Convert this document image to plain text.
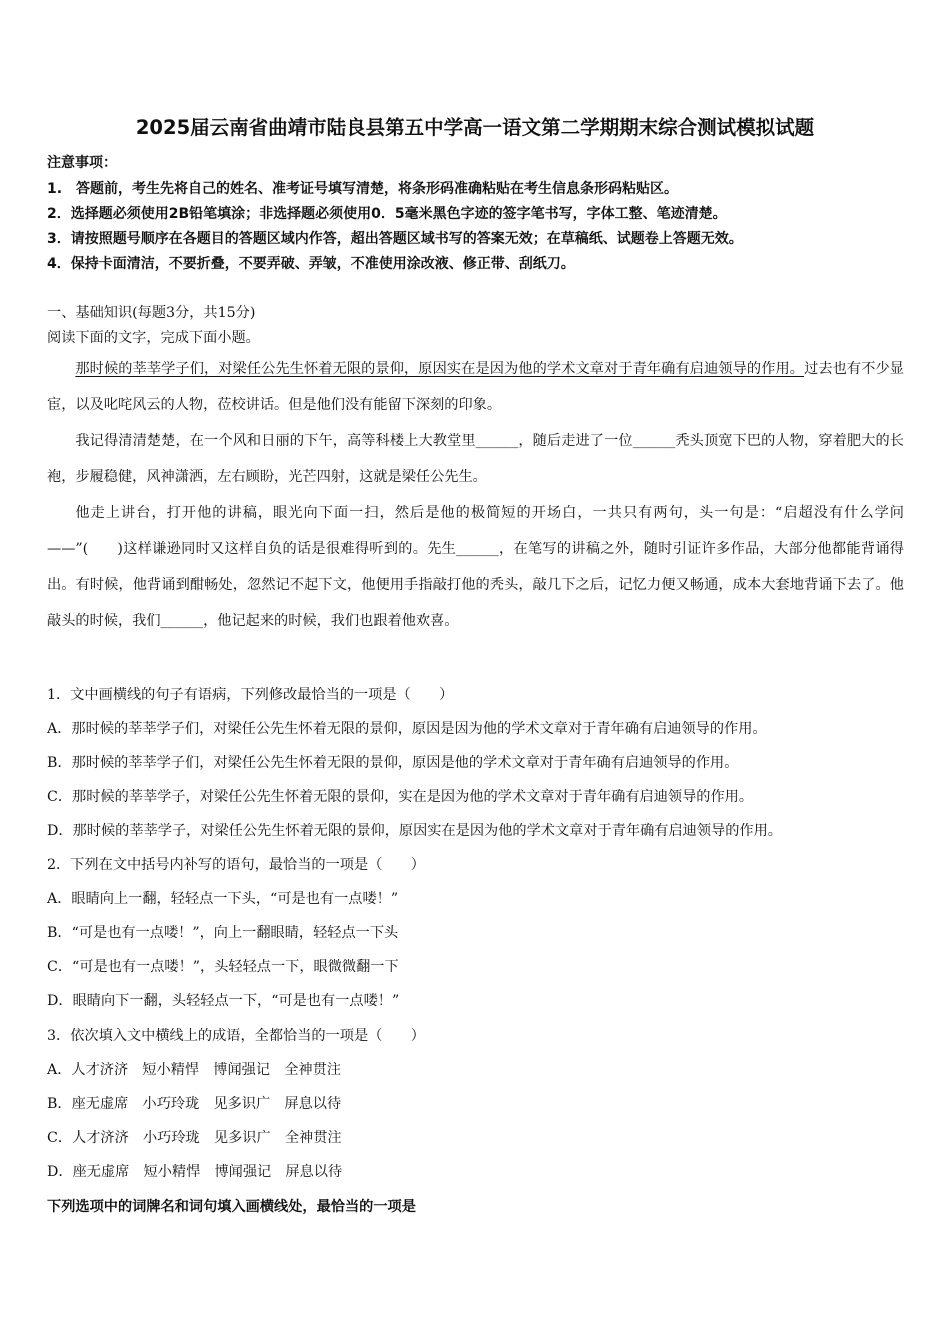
2025届云南省曲靖市陆良县第五中学高一语文第二学期期末综合测试模拟试题
注意事项：
1.　答题前，考生先将自己的姓名、准考证号填写清楚，将条形码准确粘贴在考生信息条形码粘贴区。
2．选择题必须使用2B铅笔填涂；非选择题必须使用0．5毫米黑色字迹的签字笔书写，字体工整、笔迹清楚。
3．请按照题号顺序在各题目的答题区域内作答，超出答题区域书写的答案无效；在草稿纸、试题卷上答题无效。
4．保持卡面清洁，不要折叠，不要弄破、弄皱，不准使用涂改液、修正带、刮纸刀。
一、基础知识(每题3分，共15分)
阅读下面的文字，完成下面小题。

那时候的莘莘学子们，对梁任公先生怀着无限的景仰，原因实在是因为他的学术文章对于青年确有启迪领导的作用。过去也有不少显宦，以及叱咤风云的人物，莅校讲话。但是他们没有能留下深刻的印象。

我记得清清楚楚，在一个风和日丽的下午，高等科楼上大教堂里______，随后走进了一位______秃头顶宽下巴的人物，穿着肥大的长袍，步履稳健，风神潇洒，左右顾盼，光芒四射，这就是梁任公先生。

他走上讲台，打开他的讲稿，眼光向下面一扫，然后是他的极简短的开场白，一共只有两句，头一句是：“启超没有什么学问——”(　　)这样谦逊同时又这样自负的话是很难得听到的。先生______，在笔写的讲稿之外，随时引证许多作品，大部分他都能背诵得出。有时候，他背诵到酣畅处，忽然记不起下文，他便用手指敲打他的秃头，敲几下之后，记忆力便又畅通，成本大套地背诵下去了。他敲头的时候，我们______，他记起来的时候，我们也跟着他欢喜。

1．文中画横线的句子有语病，下列修改最恰当的一项是（　　）
A．那时候的莘莘学子们，对梁任公先生怀着无限的景仰，原因是因为他的学术文章对于青年确有启迪领导的作用。
B．那时候的莘莘学子们，对梁任公先生怀着无限的景仰，原因是他的学术文章对于青年确有启迪领导的作用。
C．那时候的莘莘学子，对梁任公先生怀着无限的景仰，实在是因为他的学术文章对于青年确有启迪领导的作用。
D．那时候的莘莘学子，对梁任公先生怀着无限的景仰，原因实在是因为他的学术文章对于青年确有启迪领导的作用。
2．下列在文中括号内补写的语句，最恰当的一项是（　　）
A．眼睛向上一翻，轻轻点一下头，“可是也有一点喽！”
B．“可是也有一点喽！”，向上一翻眼睛，轻轻点一下头
C．“可是也有一点喽！”，头轻轻点一下，眼微微翻一下
D．眼睛向下一翻，头轻轻点一下，“可是也有一点喽！”
3．依次填入文中横线上的成语，全都恰当的一项是（　　）
A．人才济济　短小精悍　博闻强记　全神贯注
B．座无虚席　小巧玲珑　见多识广　屏息以待
C．人才济济　小巧玲珑　见多识广　全神贯注
D．座无虚席　短小精悍　博闻强记　屏息以待
下列选项中的词牌名和词句填入画横线处，最恰当的一项是
